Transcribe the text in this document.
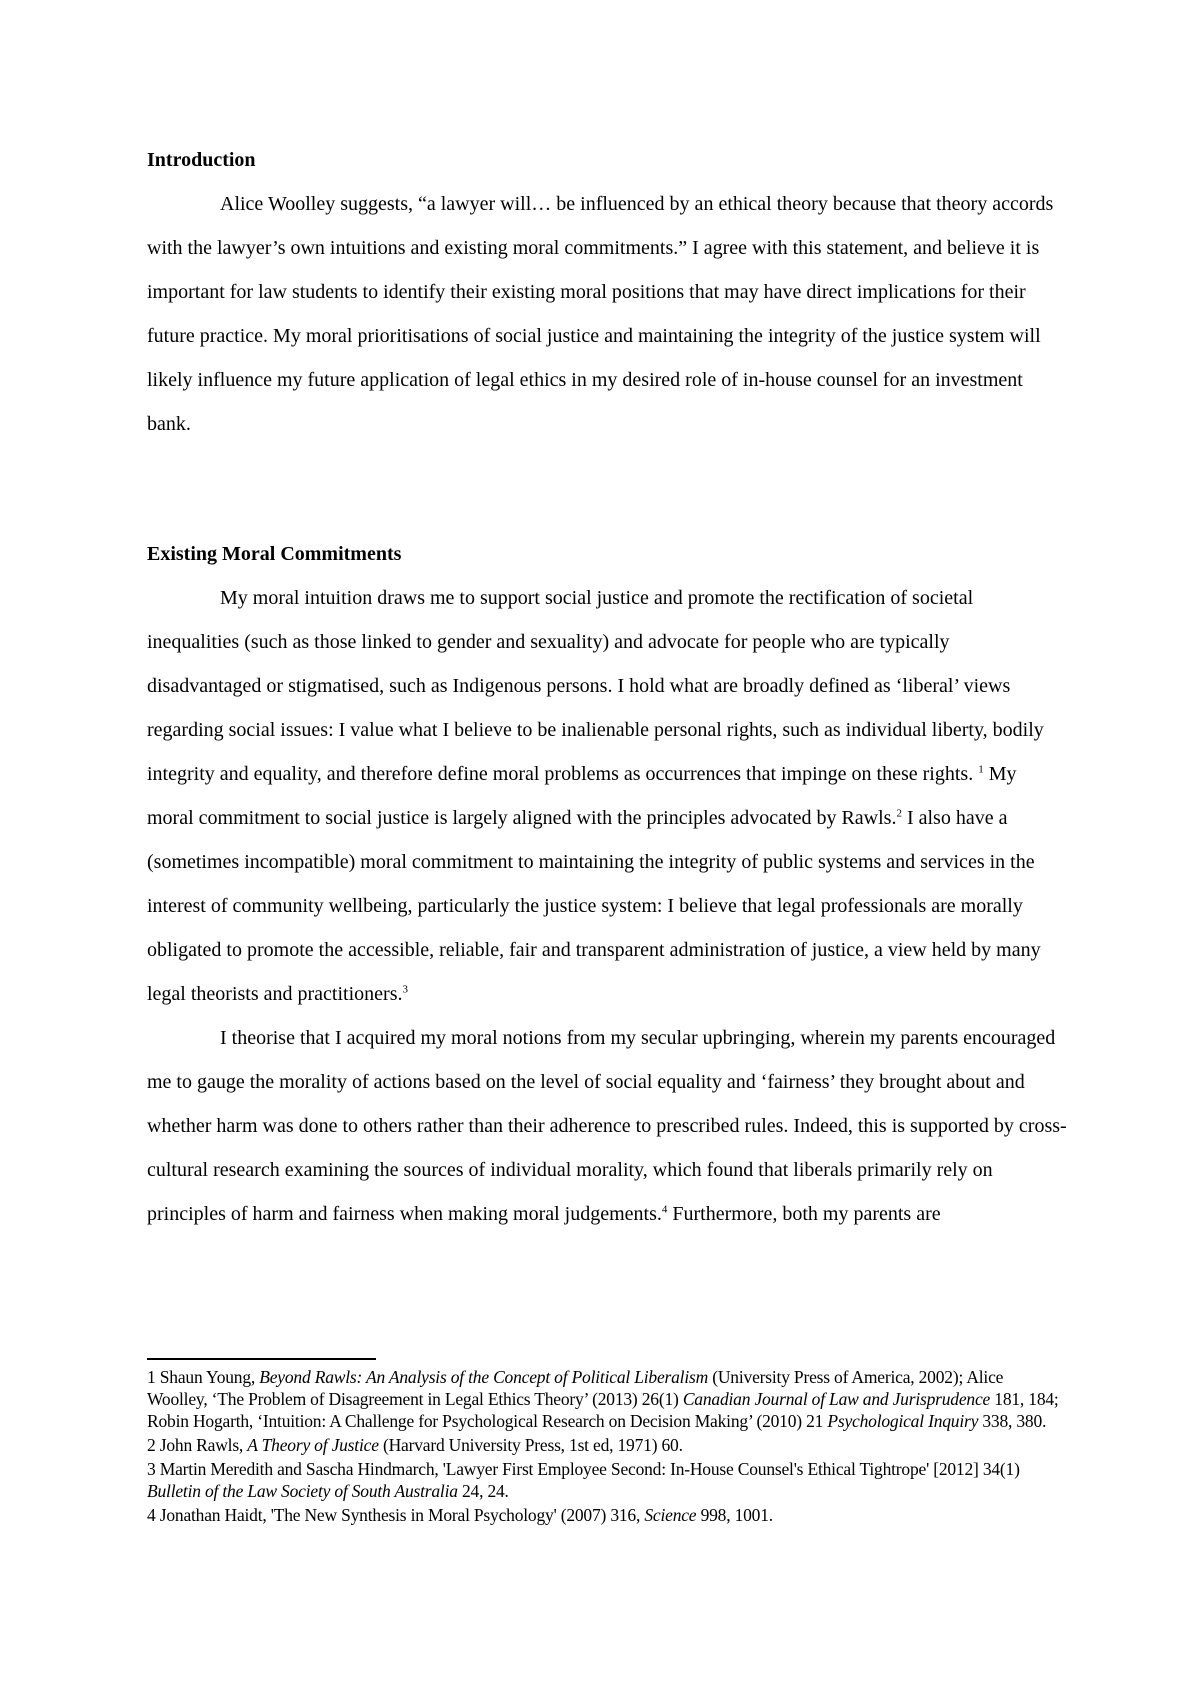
Introduction

Alice Woolley suggests, “a lawyer will… be influenced by an ethical theory because that theory accords with the lawyer’s own intuitions and existing moral commitments.” I agree with this statement, and believe it is important for law students to identify their existing moral positions that may have direct implications for their future practice. My moral prioritisations of social justice and maintaining the integrity of the justice system will likely influence my future application of legal ethics in my desired role of in-house counsel for an investment bank.

Existing Moral Commitments

My moral intuition draws me to support social justice and promote the rectification of societal inequalities (such as those linked to gender and sexuality) and advocate for people who are typically disadvantaged or stigmatised, such as Indigenous persons. I hold what are broadly defined as ‘liberal’ views regarding social issues: I value what I believe to be inalienable personal rights, such as individual liberty, bodily integrity and equality, and therefore define moral problems as occurrences that impinge on these rights. $^1$ My moral commitment to social justice is largely aligned with the principles advocated by Rawls.$^2$ I also have a (sometimes incompatible) moral commitment to maintaining the integrity of public systems and services in the interest of community wellbeing, particularly the justice system: I believe that legal professionals are morally obligated to promote the accessible, reliable, fair and transparent administration of justice, a view held by many legal theorists and practitioners.$^3$

I theorise that I acquired my moral notions from my secular upbringing, wherein my parents encouraged me to gauge the morality of actions based on the level of social equality and ‘fairness’ they brought about and whether harm was done to others rather than their adherence to prescribed rules. Indeed, this is supported by cross-cultural research examining the sources of individual morality, which found that liberals primarily rely on principles of harm and fairness when making moral judgements.$^4$ Furthermore, both my parents are

1 Shaun Young, Beyond Rawls: An Analysis of the Concept of Political Liberalism (University Press of America, 2002); Alice Woolley, ‘The Problem of Disagreement in Legal Ethics Theory’ (2013) 26(1) Canadian Journal of Law and Jurisprudence 181, 184; Robin Hogarth, ‘Intuition: A Challenge for Psychological Research on Decision Making’ (2010) 21 Psychological Inquiry 338, 380.

2 John Rawls, A Theory of Justice (Harvard University Press, 1st ed, 1971) 60.

3 Martin Meredith and Sascha Hindmarch, 'Lawyer First Employee Second: In-House Counsel's Ethical Tightrope' [2012] 34(1) Bulletin of the Law Society of South Australia 24, 24.

4 Jonathan Haidt, 'The New Synthesis in Moral Psychology' (2007) 316, Science 998, 1001.
